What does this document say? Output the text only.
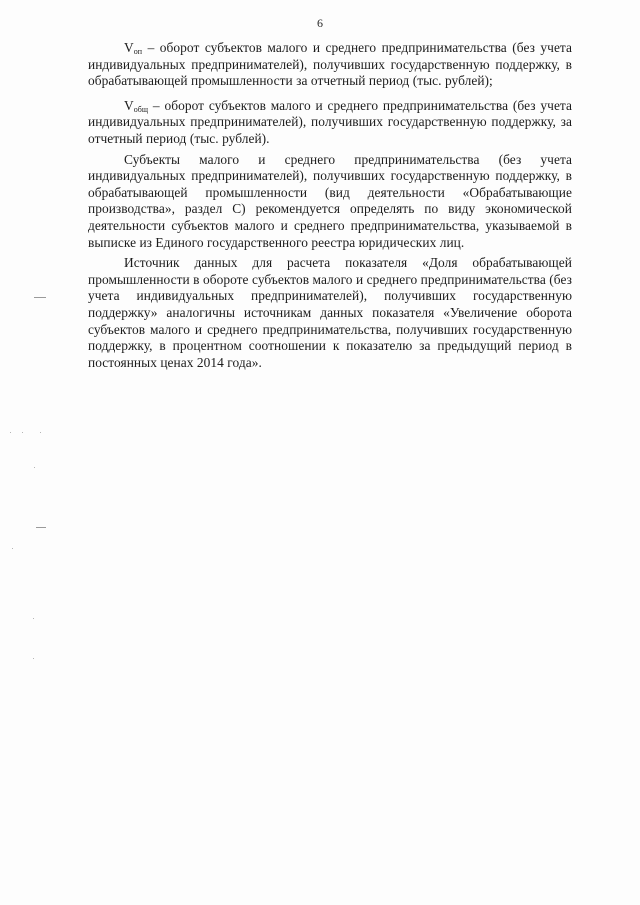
6

$V_{оп}$ – оборот субъектов малого и среднего предпринимательства (без учета индивидуальных предпринимателей), получивших государственную поддержку, в обрабатывающей промышленности за отчетный период (тыс. рублей);

$V_{общ}$ – оборот субъектов малого и среднего предпринимательства (без учета индивидуальных предпринимателей), получивших государственную поддержку, за отчетный период (тыс. рублей).

Субъекты малого и среднего предпринимательства (без учета индивидуальных предпринимателей), получивших государственную поддержку, в обрабатывающей промышленности (вид деятельности «Обрабатывающие производства», раздел С) рекомендуется определять по виду экономической деятельности субъектов малого и среднего предпринимательства, указываемой в выписке из Единого государственного реестра юридических лиц.

Источник данных для расчета показателя «Доля обрабатывающей промышленности в обороте субъектов малого и среднего предпринимательства (без учета индивидуальных предпринимателей), получивших государственную поддержку» аналогичны источникам данных показателя «Увеличение оборота субъектов малого и среднего предпринимательства, получивших государственную поддержку, в процентном соотношении к показателю за предыдущий период в постоянных ценах 2014 года».
